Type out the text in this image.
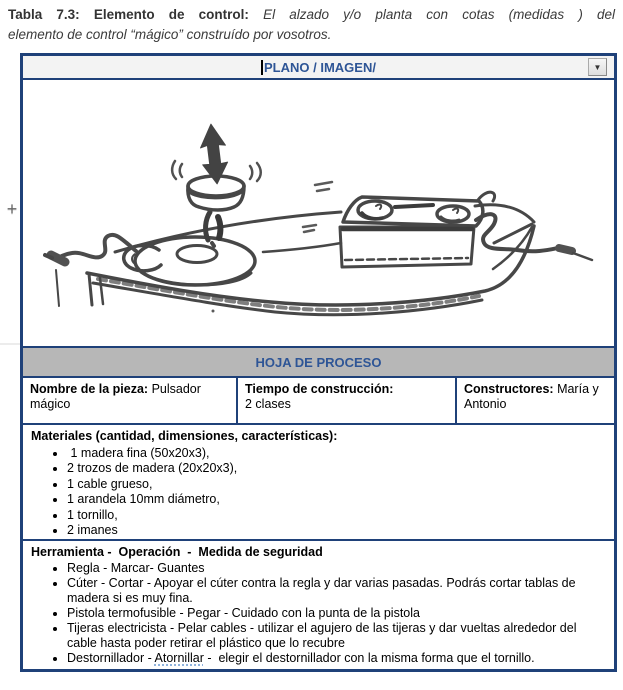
Tabla 7.3: Elemento de control: El alzado y/o planta con cotas (medidas ) del
elemento de control “mágico” construído por vosotros.
+
PLANO / IMAGEN/	▼
HOJA DE PROCESO
Nombre de la pieza: Pulsador mágico
Tiempo de construcción:
2 clases
Constructores: María y Antonio
Materiales (cantidad, dimensiones, características):
•  1 madera fina (50x20x3),
• 2 trozos de madera (20x20x3),
• 1 cable grueso,
• 1 arandela 10mm diámetro,
• 1 tornillo,
• 2 imanes
Herramienta -  Operación  -  Medida de seguridad
• Regla - Marcar- Guantes
• Cúter - Cortar - Apoyar el cúter contra la regla y dar varias pasadas. Podrás cortar tablas de madera si es muy fina.
• Pistola termofusible - Pegar - Cuidado con la punta de la pistola
• Tijeras electricista - Pelar cables - utilizar el agujero de las tijeras y dar vueltas alrededor del cable hasta poder retirar el plástico que lo recubre
• Destornillador - Atornillar -  elegir el destornillador con la misma forma que el tornillo.
